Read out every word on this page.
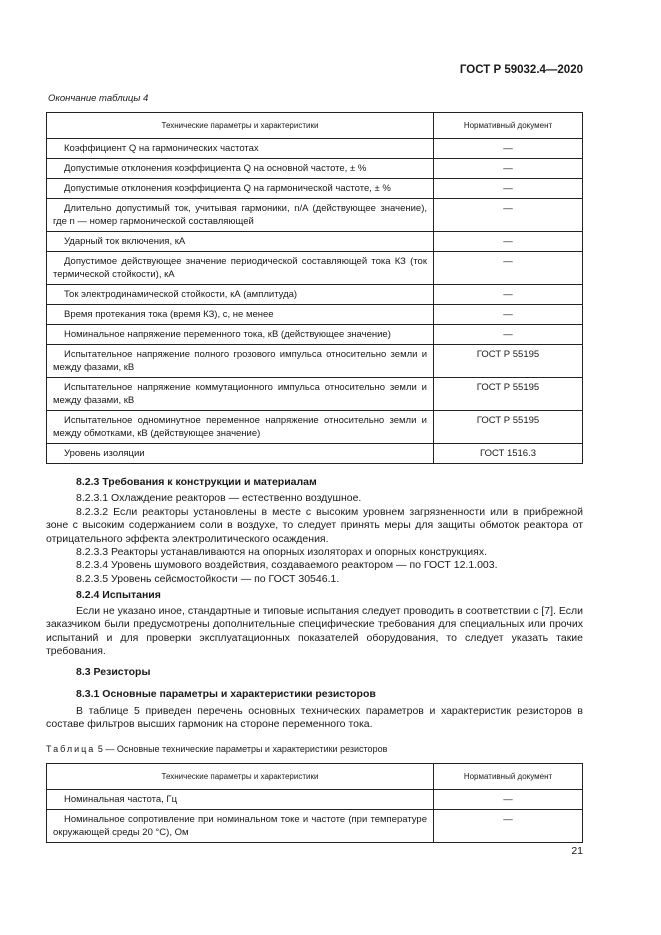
ГОСТ Р 59032.4—2020
Окончание таблицы 4
Технические параметры и характеристики	Нормативный документ
Коэффициент Q на гармонических частотах	—
Допустимые отклонения коэффициента Q на основной частоте, ± %	—
Допустимые отклонения коэффициента Q на гармонической частоте, ± %	—
Длительно допустимый ток, учитывая гармоники, n/A (действующее значение), где n — номер гармонической составляющей	—
Ударный ток включения, кА	—
Допустимое действующее значение периодической составляющей тока КЗ (ток термической стойкости), кА	—
Ток электродинамической стойкости, кА (амплитуда)	—
Время протекания тока (время КЗ), с, не менее	—
Номинальное напряжение переменного тока, кВ (действующее значение)	—
Испытательное напряжение полного грозового импульса относительно земли и между фазами, кВ	ГОСТ Р 55195
Испытательное напряжение коммутационного импульса относительно земли и между фазами, кВ	ГОСТ Р 55195
Испытательное одноминутное переменное напряжение относительно земли и между обмотками, кВ (действующее значение)	ГОСТ Р 55195
Уровень изоляции	ГОСТ 1516.3
8.2.3 Требования к конструкции и материалам

8.2.3.1 Охлаждение реакторов — естественно воздушное.

8.2.3.2 Если реакторы установлены в месте с высоким уровнем загрязненности или в прибрежной зоне с высоким содержанием соли в воздухе, то следует принять меры для защиты обмоток реактора от отрицательного эффекта электролитического осаждения.

8.2.3.3 Реакторы устанавливаются на опорных изоляторах и опорных конструкциях.

8.2.3.4 Уровень шумового воздействия, создаваемого реактором — по ГОСТ 12.1.003.

8.2.3.5 Уровень сейсмостойкости — по ГОСТ 30546.1.

8.2.4 Испытания

Если не указано иное, стандартные и типовые испытания следует проводить в соответствии с [7]. Если заказчиком были предусмотрены дополнительные специфические требования для специальных или прочих испытаний и для проверки эксплуатационных показателей оборудования, то следует указать такие требования.

8.3 Резисторы
8.3.1 Основные параметры и характеристики резисторов

В таблице 5 приведен перечень основных технических параметров и характеристик резисторов в составе фильтров высших гармоник на стороне переменного тока.

Таблица 5 — Основные технические параметры и характеристики резисторов
Технические параметры и характеристики	Нормативный документ
Номинальная частота, Гц	—
Номинальное сопротивление при номинальном токе и частоте (при температуре окружающей среды 20 °С), Ом	—
21
